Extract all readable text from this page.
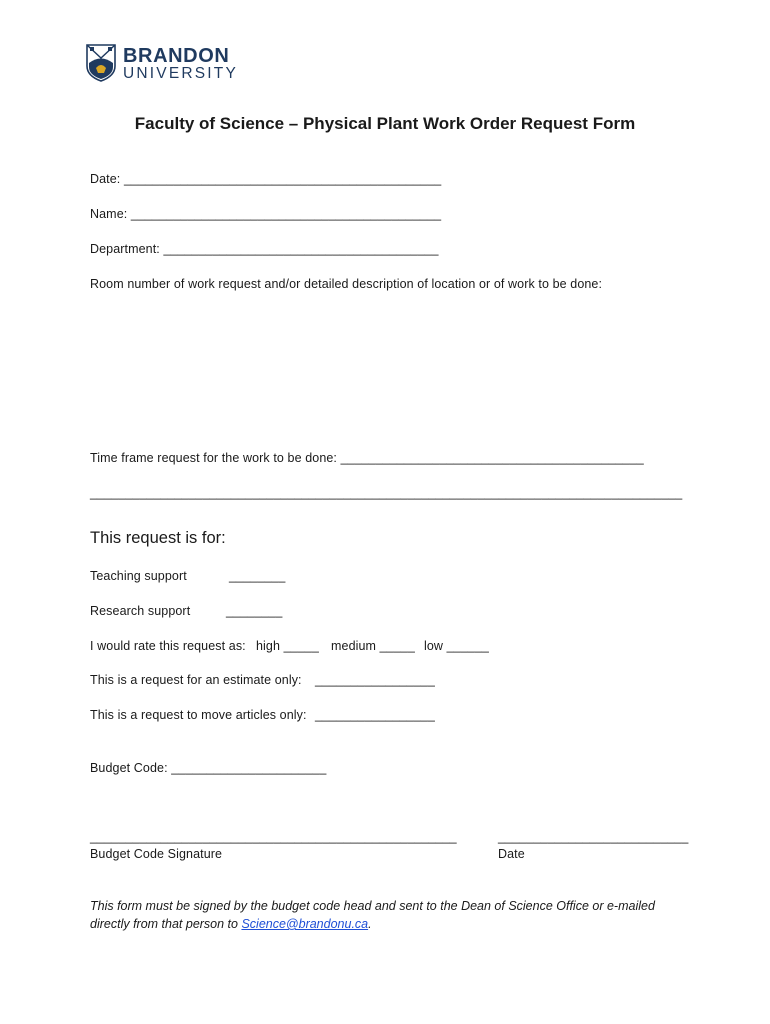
BRANDON
UNIVERSITY
Faculty of Science – Physical Plant Work Order Request Form
Date: _____________________________________________
Name: ____________________________________________
Department: _______________________________________
Room number of work request and/or detailed description of location or of work to be done:
Time frame request for the work to be done: ___________________________________________
____________________________________________________________________________________
This request is for:
Teaching support	________
Research support	________
I would rate this request as: high _____ medium _____ low ______
This is a request for an estimate only: _________________
This is a request to move articles only: _________________
Budget Code: ______________________
____________________________________________________
Budget Code Signature
___________________________
Date
This form must be signed by the budget code head and sent to the Dean of Science Office or e-mailed directly from that person to Science@brandonu.ca.
